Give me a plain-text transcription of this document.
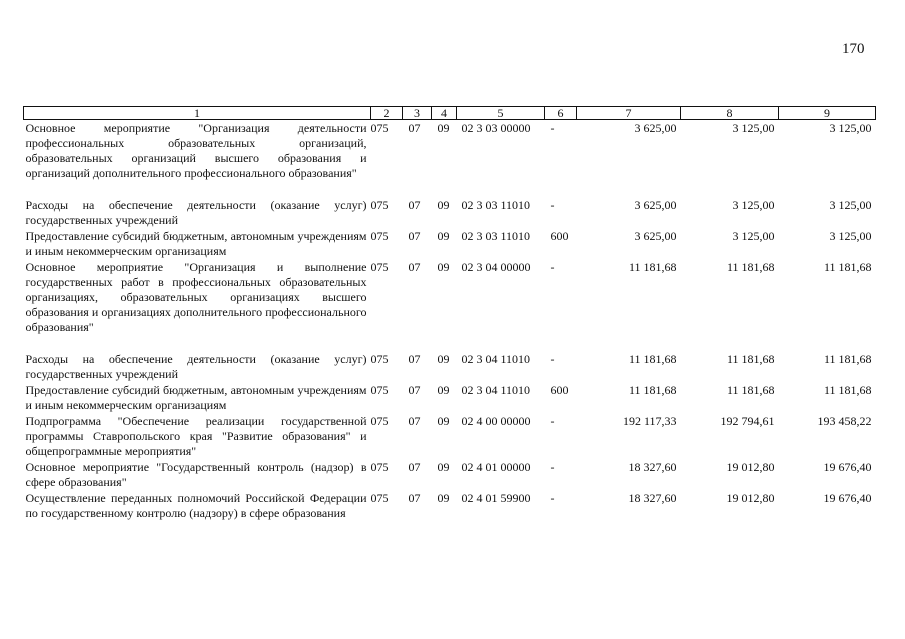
170
1	2	3	4	5	6	7	8	9
Основное мероприятие "Организация деятельности профессиональных образовательных организаций, образовательных организаций высшего образования и организаций дополнительного профессионального образования"	075	07	09	02 3 03 00000	-	3 625,00	3 125,00	3 125,00

Расходы на обеспечение деятельности (оказание услуг) государственных учреждений	075	07	09	02 3 03 11010	-	3 625,00	3 125,00	3 125,00
Предоставление субсидий бюджетным, автономным учреждениям и иным некоммерческим организациям	075	07	09	02 3 03 11010	600	3 625,00	3 125,00	3 125,00
Основное мероприятие "Организация и выполнение государственных работ в профессиональных образовательных организациях, образовательных организациях высшего образования и организациях дополнительного профессионального образования"	075	07	09	02 3 04 00000	-	11 181,68	11 181,68	11 181,68

Расходы на обеспечение деятельности (оказание услуг) государственных учреждений	075	07	09	02 3 04 11010	-	11 181,68	11 181,68	11 181,68
Предоставление субсидий бюджетным, автономным учреждениям и иным некоммерческим организациям	075	07	09	02 3 04 11010	600	11 181,68	11 181,68	11 181,68
Подпрограмма "Обеспечение реализации государственной программы Ставропольского края "Развитие образования" и общепрограммные мероприятия"	075	07	09	02 4 00 00000	-	192 117,33	192 794,61	193 458,22
Основное мероприятие "Государственный контроль (надзор) в сфере образования"	075	07	09	02 4 01 00000	-	18 327,60	19 012,80	19 676,40
Осуществление переданных полномочий Российской Федерации по государственному контролю (надзору) в сфере образования	075	07	09	02 4 01 59900	-	18 327,60	19 012,80	19 676,40
